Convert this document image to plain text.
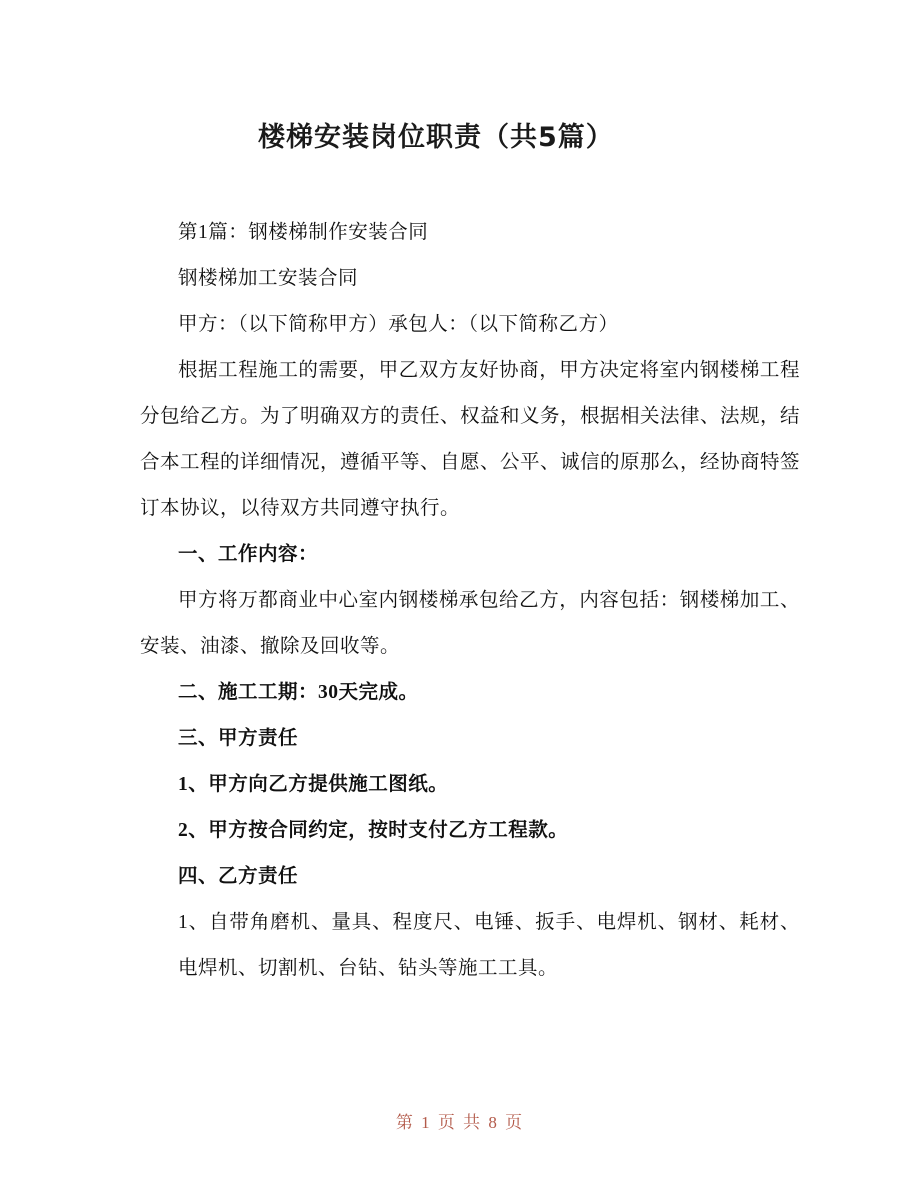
楼梯安装岗位职责（共5篇）

第1篇：钢楼梯制作安装合同

钢楼梯加工安装合同

甲方：（以下简称甲方）承包人：（以下简称乙方）

根据工程施工的需要，甲乙双方友好协商，甲方决定将室内钢楼梯工程分包给乙方。为了明确双方的责任、权益和义务，根据相关法律、法规，结合本工程的详细情况，遵循平等、自愿、公平、诚信的原那么，经协商特签订本协议，以待双方共同遵守执行。

一、工作内容：

甲方将万都商业中心室内钢楼梯承包给乙方，内容包括：钢楼梯加工、安装、油漆、撤除及回收等。

二、施工工期：30天完成。

三、甲方责任

1、甲方向乙方提供施工图纸。

2、甲方按合同约定，按时支付乙方工程款。

四、乙方责任

1、自带角磨机、量具、程度尺、电锤、扳手、电焊机、钢材、耗材、电焊机、切割机、台钻、钻头等施工工具。

第 1 页 共 8 页
